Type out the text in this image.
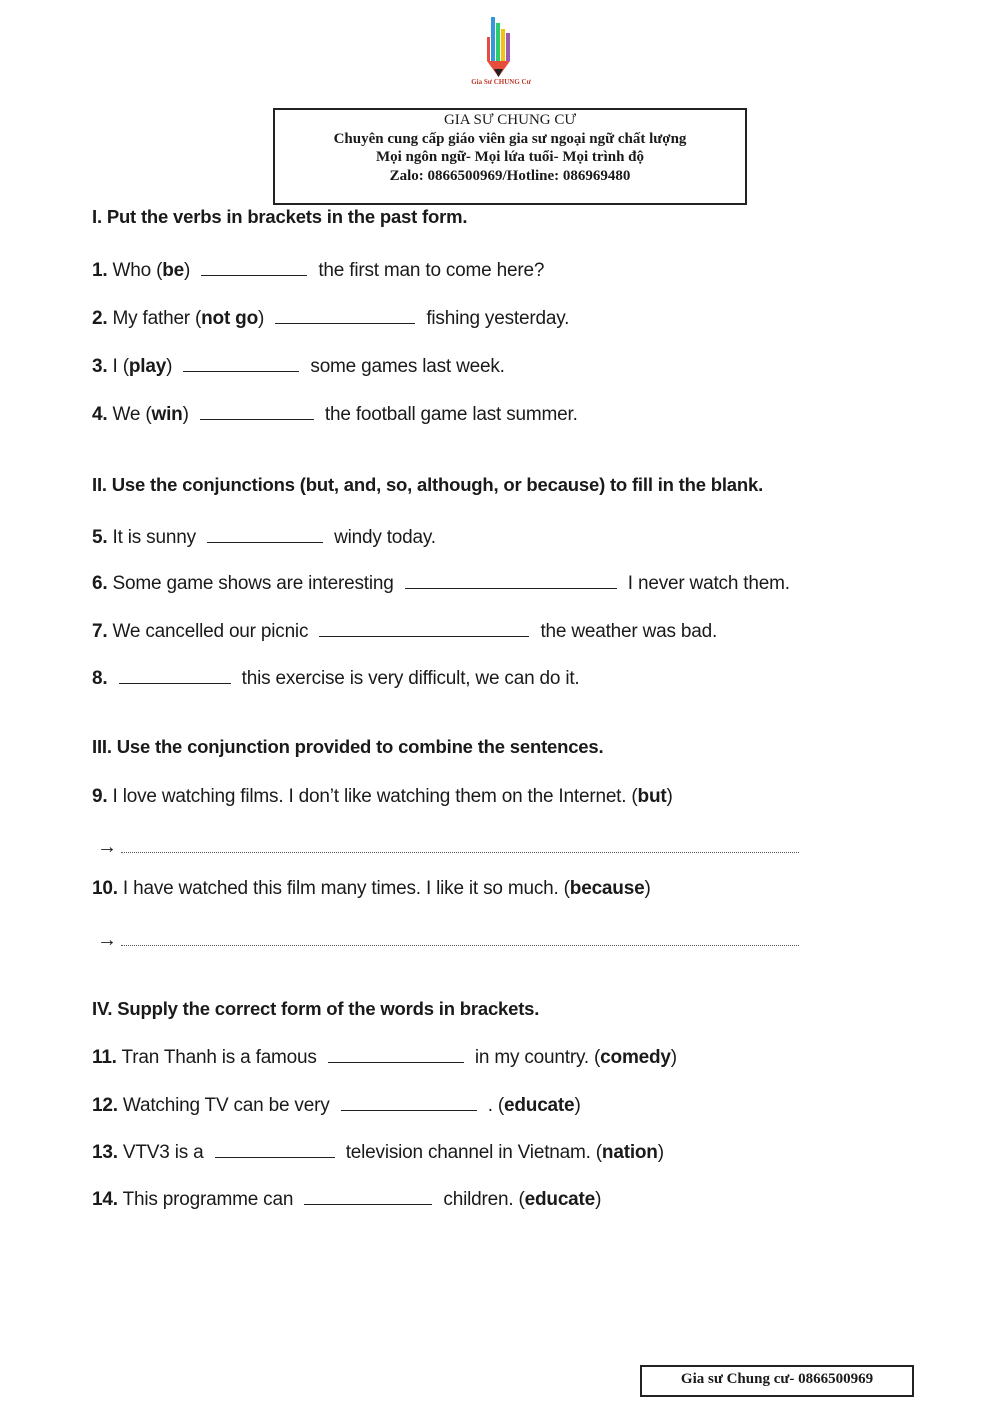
Gia Sư CHUNG Cư
GIA SƯ CHUNG CƯ
Chuyên cung cấp giáo viên gia sư ngoại ngữ chất lượng
Mọi ngôn ngữ- Mọi lứa tuổi- Mọi trình độ
Zalo: 0866500969/Hotline: 086969480
I. Put the verbs in brackets in the past form.
1. Who (be)	the first man to come here?
2. My father (not go)	fishing yesterday.
3. I (play)	some games last week.
4. We (win)	the football game last summer.
II. Use the conjunctions (but, and, so, although, or because) to fill in the blank.
5. It is sunny	windy today.
6. Some game shows are interesting	I never watch them.
7. We cancelled our picnic	the weather was bad.
8.	this exercise is very difficult, we can do it.
III. Use the conjunction provided to combine the sentences.
9. I love watching films. I don’t like watching them on the Internet. (but)
→
10. I have watched this film many times. I like it so much. (because)
→
IV. Supply the correct form of the words in brackets.
11. Tran Thanh is a famous	in my country. (comedy)
12. Watching TV can be very	. (educate)
13. VTV3 is a	television channel in Vietnam. (nation)
14. This programme can	children. (educate)
Gia sư Chung cư- 0866500969
